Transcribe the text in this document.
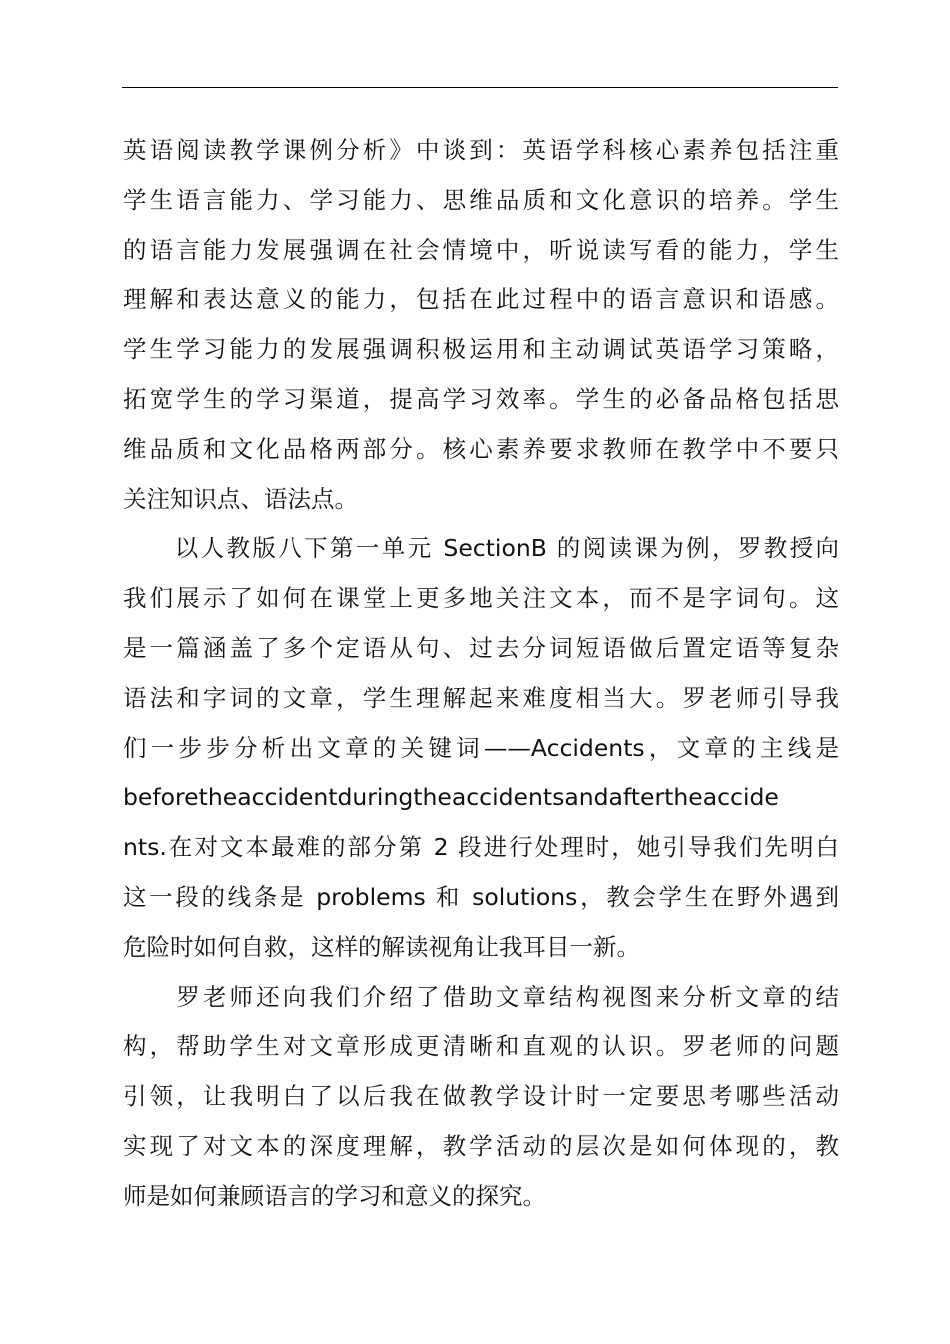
英语阅读教学课例分析》中谈到：英语学科核心素养包括注重
学生语言能力、学习能力、思维品质和文化意识的培养。学生
的语言能力发展强调在社会情境中，听说读写看的能力，学生
理解和表达意义的能力，包括在此过程中的语言意识和语感。
学生学习能力的发展强调积极运用和主动调试英语学习策略，
拓宽学生的学习渠道，提高学习效率。学生的必备品格包括思
维品质和文化品格两部分。核心素养要求教师在教学中不要只
关注知识点、语法点。
　　以人教版八下第一单元 SectionB 的阅读课为例，罗教授向
我们展示了如何在课堂上更多地关注文本，而不是字词句。这
是一篇涵盖了多个定语从句、过去分词短语做后置定语等复杂
语法和字词的文章，学生理解起来难度相当大。罗老师引导我
们一步步分析出文章的关键词——Accidents，文章的主线是
beforetheaccidentduringtheaccidentsandaftertheaccide
nts.在对文本最难的部分第 2 段进行处理时，她引导我们先明白
这一段的线条是 problems 和 solutions，教会学生在野外遇到
危险时如何自救，这样的解读视角让我耳目一新。
　　罗老师还向我们介绍了借助文章结构视图来分析文章的结
构，帮助学生对文章形成更清晰和直观的认识。罗老师的问题
引领，让我明白了以后我在做教学设计时一定要思考哪些活动
实现了对文本的深度理解，教学活动的层次是如何体现的，教
师是如何兼顾语言的学习和意义的探究。
